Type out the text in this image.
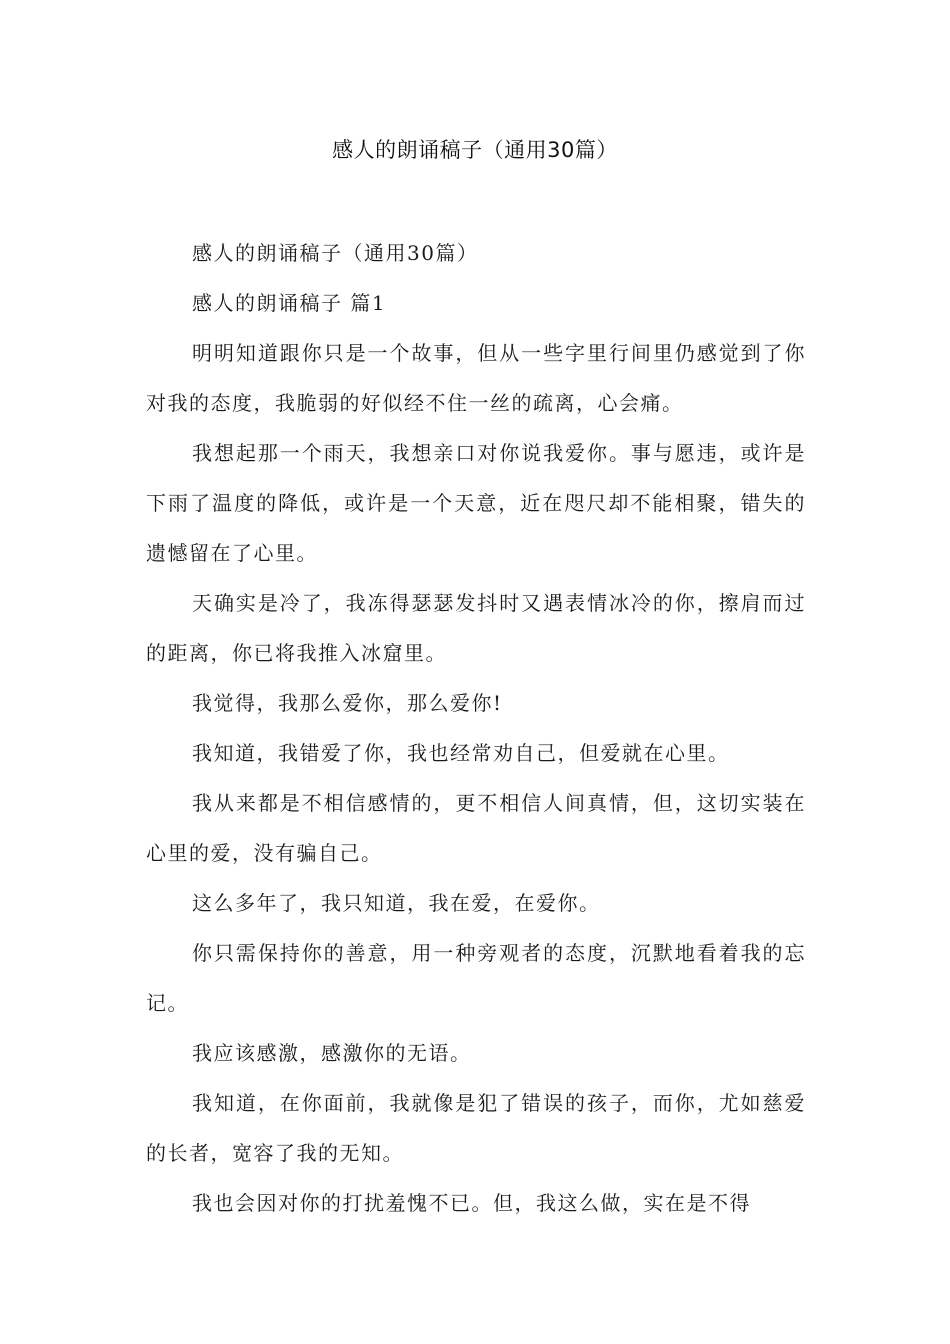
感人的朗诵稿子（通用30篇）

感人的朗诵稿子（通用30篇）

感人的朗诵稿子 篇1

明明知道跟你只是一个故事，但从一些字里行间里仍感觉到了你对我的态度，我脆弱的好似经不住一丝的疏离，心会痛。

我想起那一个雨天，我想亲口对你说我爱你。事与愿违，或许是下雨了温度的降低，或许是一个天意，近在咫尺却不能相聚，错失的遗憾留在了心里。

天确实是冷了，我冻得瑟瑟发抖时又遇表情冰冷的你，擦肩而过的距离，你已将我推入冰窟里。

我觉得，我那么爱你，那么爱你!

我知道，我错爱了你，我也经常劝自己，但爱就在心里。

我从来都是不相信感情的，更不相信人间真情，但，这切实装在心里的爱，没有骗自己。

这么多年了，我只知道，我在爱，在爱你。

你只需保持你的善意，用一种旁观者的态度，沉默地看着我的忘记。

我应该感激，感激你的无语。

我知道，在你面前，我就像是犯了错误的孩子，而你，尤如慈爱的长者，宽容了我的无知。

我也会因对你的打扰羞愧不已。但，我这么做，实在是不得
